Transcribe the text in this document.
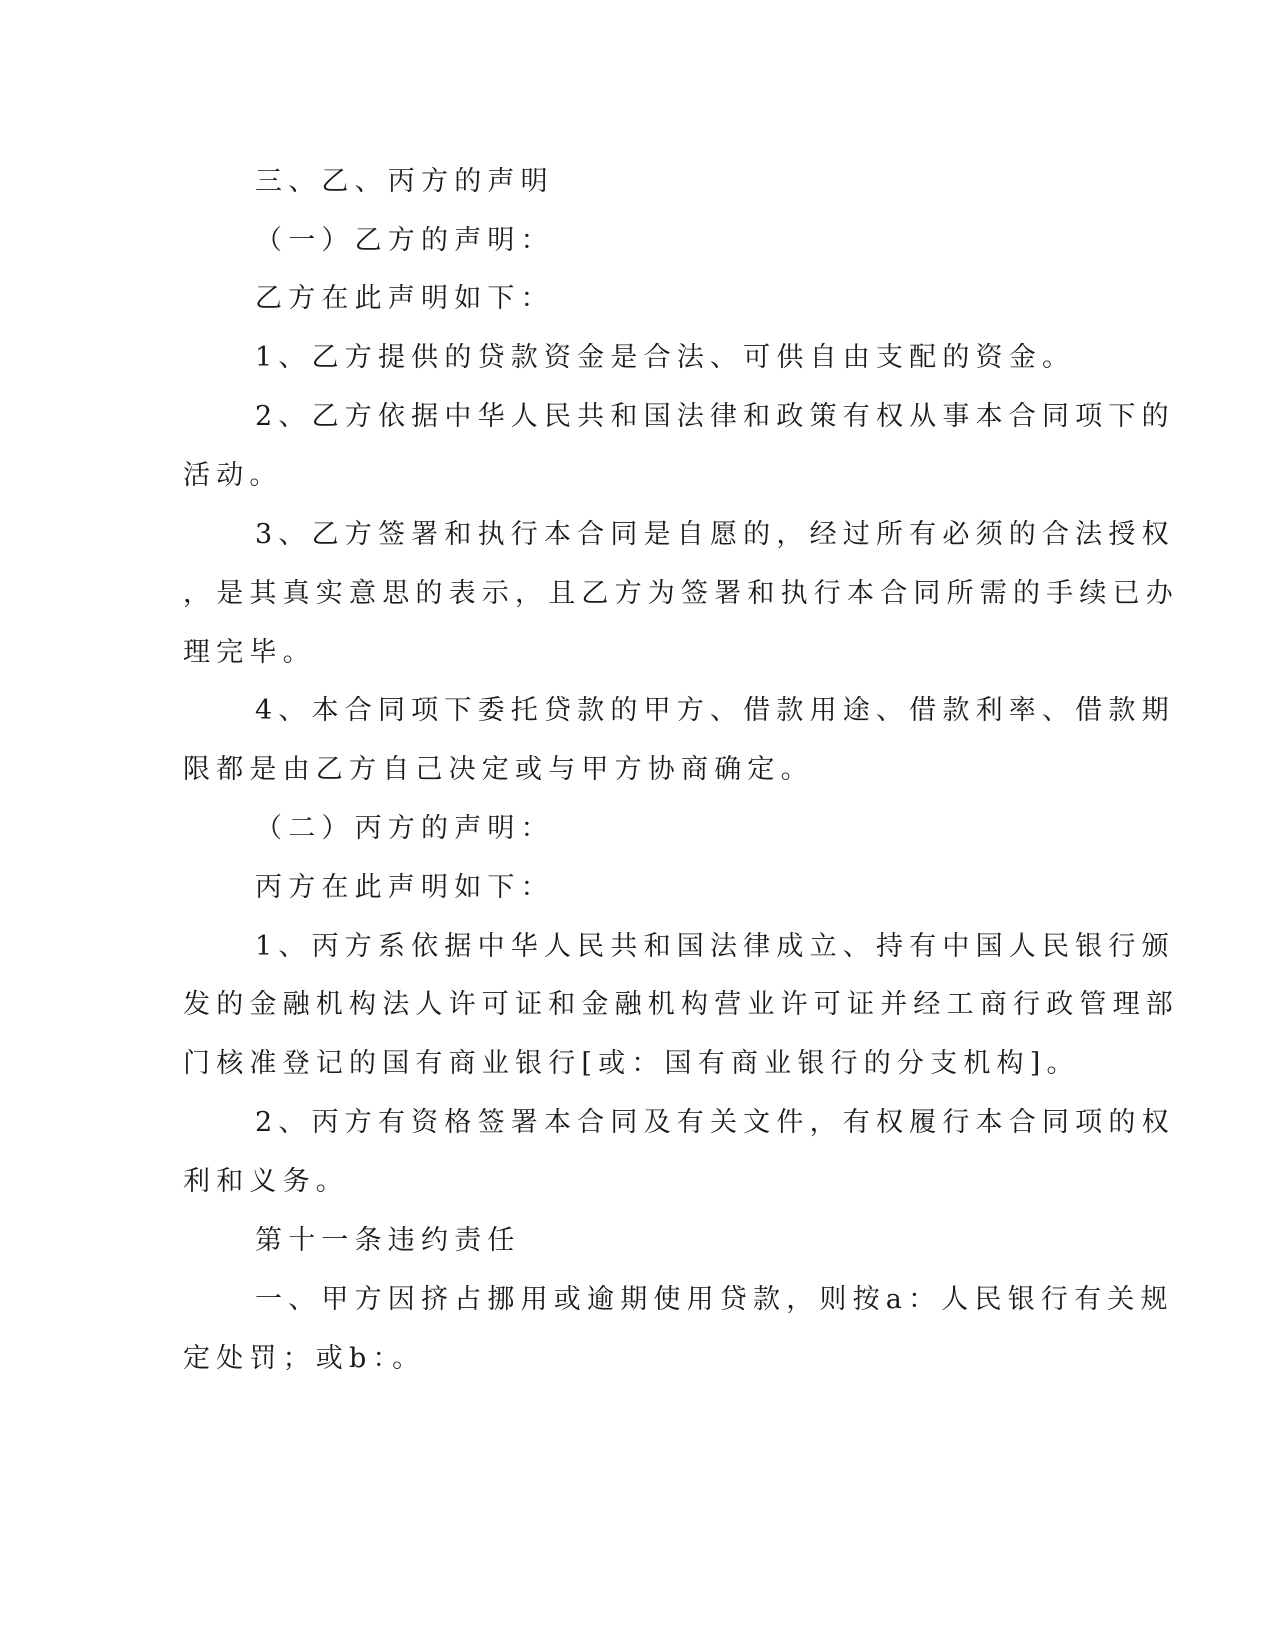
三、乙、丙方的声明
（一）乙方的声明：
乙方在此声明如下：
1、乙方提供的贷款资金是合法、可供自由支配的资金。
2、乙方依据中华人民共和国法律和政策有权从事本合同项下的
活动。
3、乙方签署和执行本合同是自愿的，经过所有必须的合法授权
，是其真实意思的表示，且乙方为签署和执行本合同所需的手续已办
理完毕。
4、本合同项下委托贷款的甲方、借款用途、借款利率、借款期
限都是由乙方自己决定或与甲方协商确定。
（二）丙方的声明：
丙方在此声明如下：
1、丙方系依据中华人民共和国法律成立、持有中国人民银行颁
发的金融机构法人许可证和金融机构营业许可证并经工商行政管理部
门核准登记的国有商业银行[或：国有商业银行的分支机构]。
2、丙方有资格签署本合同及有关文件，有权履行本合同项的权
利和义务。
第十一条违约责任
一、甲方因挤占挪用或逾期使用贷款，则按a：人民银行有关规
定处罚；或b：。
